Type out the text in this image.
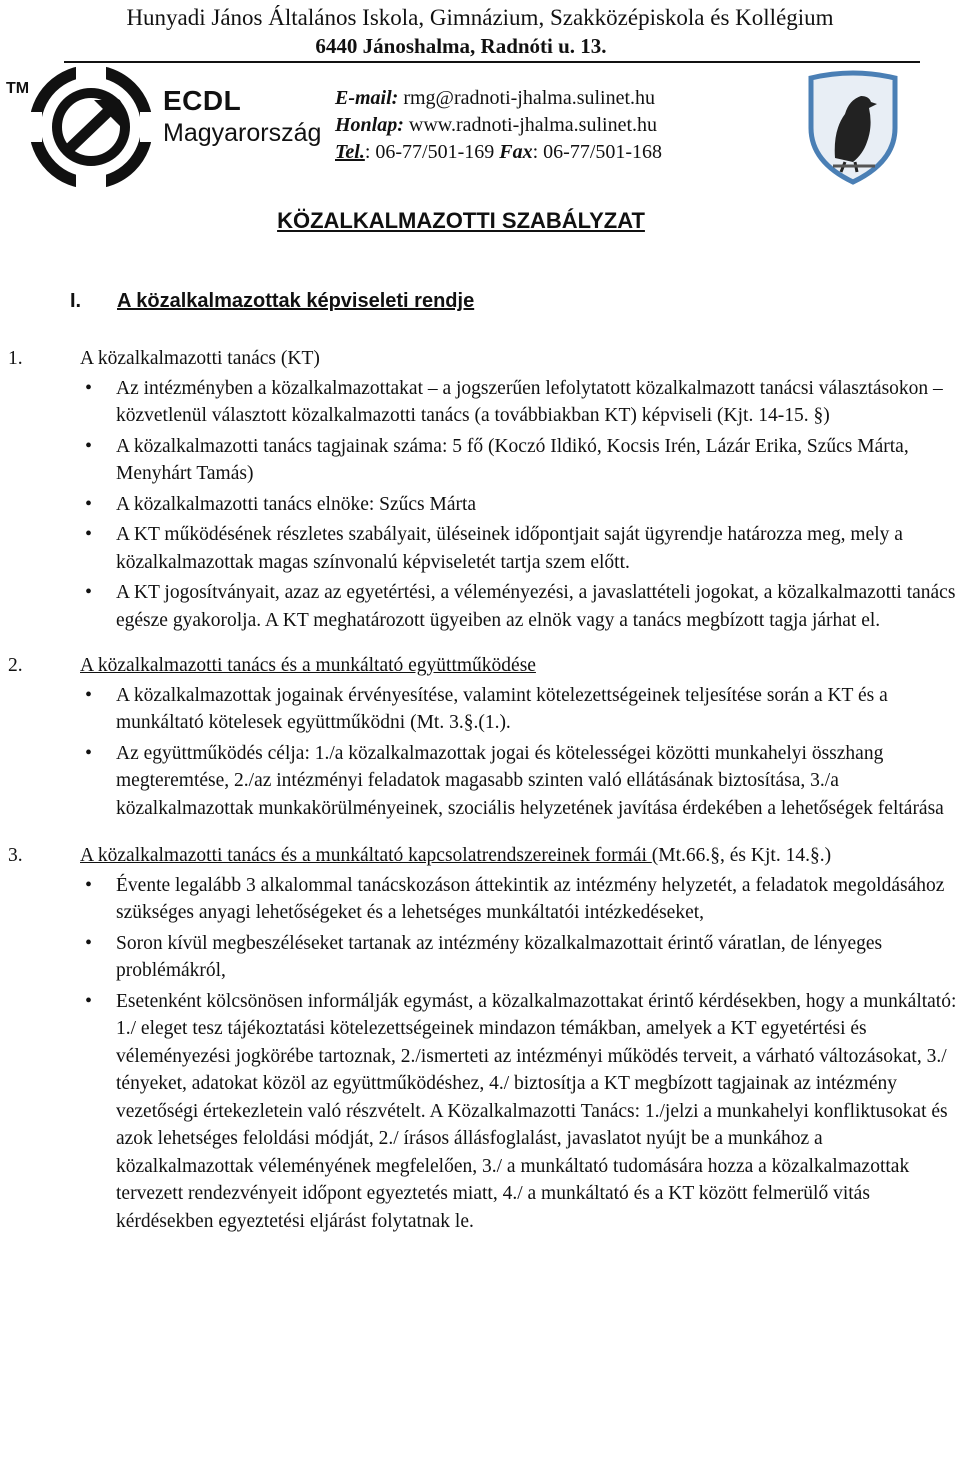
Hunyadi János Általános Iskola, Gimnázium, Szakközépiskola és Kollégium
6440 Jánoshalma, Radnóti u. 13.
TM	ECDL
Magyarország
E-mail: rmg@radnoti-jhalma.sulinet.hu
Honlap: www.radnoti-jhalma.sulinet.hu
Tel.: 06-77/501-169 Fax: 06-77/501-168
KÖZALKALMAZOTTI SZABÁLYZAT
I. A közalkalmazottak képviseleti rendje
1.	A közalkalmazotti tanács (KT)
• Az intézményben a közalkalmazottakat – a jogszerűen lefolytatott közalkalmazott tanácsi választásokon – közvetlenül választott közalkalmazotti tanács (a továbbiakban KT) képviseli (Kjt. 14-15. §)
• A közalkalmazotti tanács tagjainak száma: 5 fő (Koczó Ildikó, Kocsis Irén, Lázár Erika, Szűcs Márta, Menyhárt Tamás)
• A közalkalmazotti tanács elnöke: Szűcs Márta
• A KT működésének részletes szabályait, üléseinek időpontjait saját ügyrendje határozza meg, mely a közalkalmazottak magas színvonalú képviseletét tartja szem előtt.
• A KT jogosítványait, azaz az egyetértési, a véleményezési, a javaslattételi jogokat, a közalkalmazotti tanács egésze gyakorolja. A KT meghatározott ügyeiben az elnök vagy a tanács megbízott tagja járhat el.
2.	A közalkalmazotti tanács és a munkáltató együttműködése
• A közalkalmazottak jogainak érvényesítése, valamint kötelezettségeinek teljesítése során a KT és a munkáltató kötelesek együttműködni (Mt. 3.§.(1.).
• Az együttműködés célja: 1./a közalkalmazottak jogai és kötelességei közötti munkahelyi összhang megteremtése, 2./az intézményi feladatok magasabb szinten való ellátásának biztosítása, 3./a közalkalmazottak munkakörülményeinek, szociális helyzetének javítása érdekében a lehetőségek feltárása
3.	A közalkalmazotti tanács és a munkáltató kapcsolatrendszereinek formái (Mt.66.§, és Kjt. 14.§.)
• Évente legalább 3 alkalommal tanácskozáson áttekintik az intézmény helyzetét, a feladatok megoldásához szükséges anyagi lehetőségeket és a lehetséges munkáltatói intézkedéseket,
• Soron kívül megbeszéléseket tartanak az intézmény közalkalmazottait érintő váratlan, de lényeges problémákról,
• Esetenként kölcsönösen informálják egymást, a közalkalmazottakat érintő kérdésekben, hogy a munkáltató: 1./ eleget tesz tájékoztatási kötelezettségeinek mindazon témákban, amelyek a KT egyetértési és véleményezési jogkörébe tartoznak, 2./ismerteti az intézményi működés terveit, a várható változásokat, 3./ tényeket, adatokat közöl az együttműködéshez, 4./ biztosítja a KT megbízott tagjainak az intézmény vezetőségi értekezletein való részvételt. A Közalkalmazotti Tanács: 1./jelzi a munkahelyi konfliktusokat és azok lehetséges feloldási módját, 2./ írásos állásfoglalást, javaslatot nyújt be a munkához a közalkalmazottak véleményének megfelelően, 3./ a munkáltató tudomására hozza a közalkalmazottak tervezett rendezvényeit időpont egyeztetés miatt, 4./ a munkáltató és a KT között felmerülő vitás kérdésekben egyeztetési eljárást folytatnak le.
